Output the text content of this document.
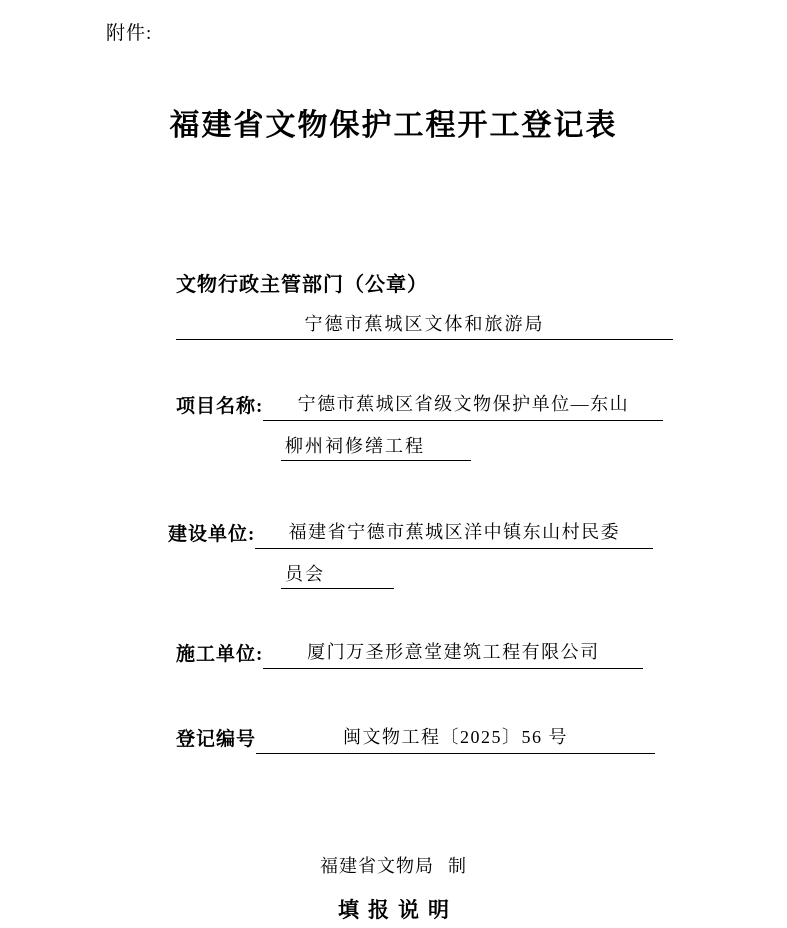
附件:
福建省文物保护工程开工登记表
文物行政主管部门（公章）
宁德市蕉城区文体和旅游局
项目名称:	宁德市蕉城区省级文物保护单位—东山
柳州祠修缮工程
建设单位:	福建省宁德市蕉城区洋中镇东山村民委
员会
施工单位:	厦门万圣形意堂建筑工程有限公司
登记编号	闽文物工程〔2025〕56 号
福建省文物局 制
填报说明
